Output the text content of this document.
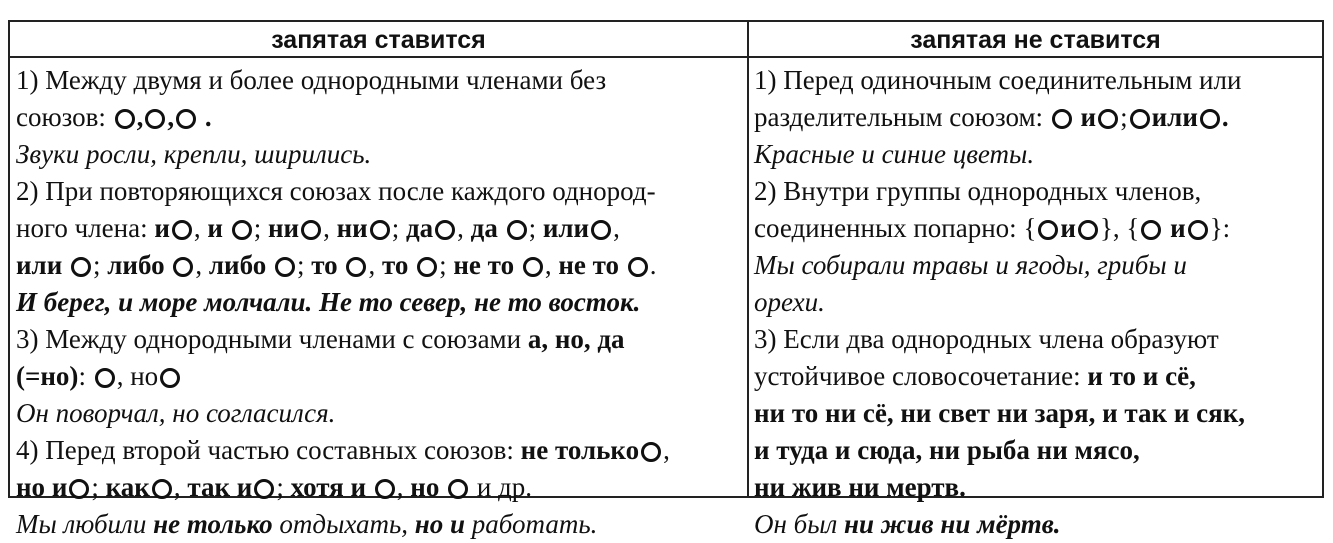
запятая ставится	запятая не ставится
1) Между двумя и более однородными членами без
союзов: , , .
Звуки росли, крепли, ширились.
2) При повторяющихся союзах после каждого однород-
ного члена: и , и ; ни , ни ; да , да ; или ,
или ; либо , либо ; то , то ; не то , не то .
И берег, и море молчали. Не то север, не то восток.
3) Между однородными членами с союзами а, но, да
(=но): , но
Он поворчал, но согласился.
4) Перед второй частью составных союзов: не только ,
но и ; как , так и ; хотя и , но и др.
Мы любили не только отдыхать, но и работать.
1) Перед одиночным соединительным или
разделительным союзом: и ; или .
Красные и синие цветы.
2) Внутри группы однородных членов,
соединенных попарно: { и }, { и }:
Мы собирали травы и ягоды, грибы и
орехи.
3) Если два однородных члена образуют
устойчивое словосочетание: и то и сё,
ни то ни сё, ни свет ни заря, и так и сяк,
и туда и сюда, ни рыба ни мясо,
ни жив ни мертв.
Он был ни жив ни мёртв.
